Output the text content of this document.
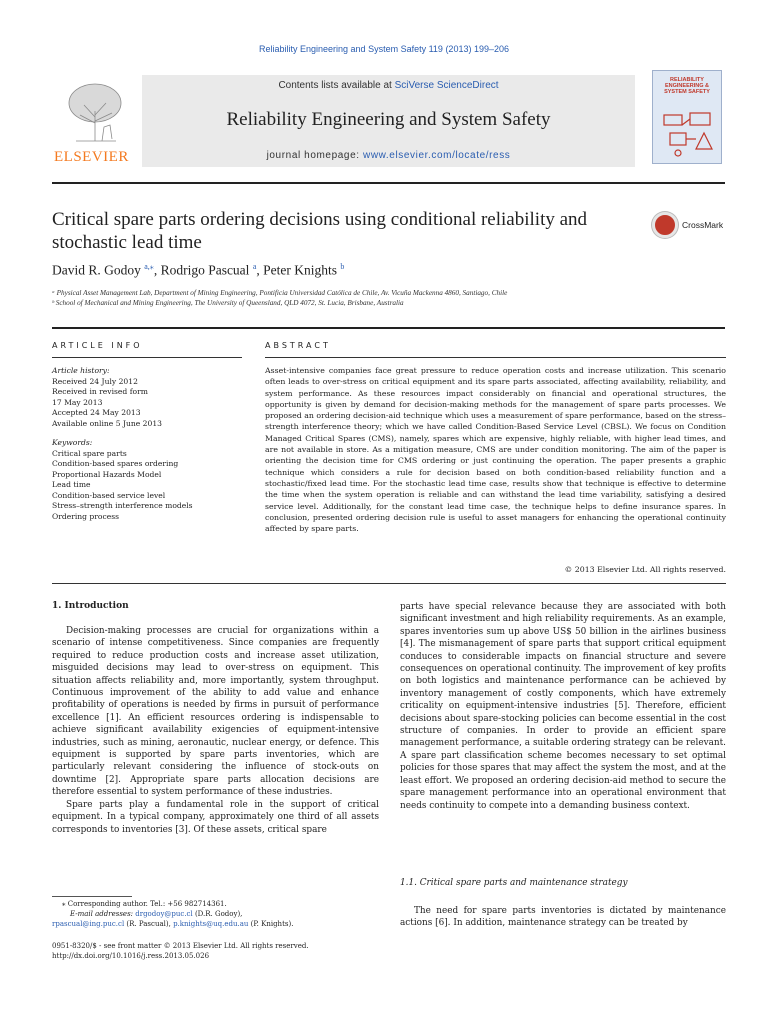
Reliability Engineering and System Safety 119 (2013) 199–206
ELSEVIER
Contents lists available at SciVerse ScienceDirect
Reliability Engineering and System Safety
journal homepage: www.elsevier.com/locate/ress
RELIABILITY ENGINEERING & SYSTEM SAFETY
Critical spare parts ordering decisions using conditional reliability and stochastic lead time
CrossMark
David R. Godoy $^{a,⁎}$, Rodrigo Pascual $^a$, Peter Knights $^b$
ᵃ Physical Asset Management Lab, Department of Mining Engineering, Pontificia Universidad Católica de Chile, Av. Vicuña Mackenna 4860, Santiago, Chile
ᵇ School of Mechanical and Mining Engineering, The University of Queensland, QLD 4072, St. Lucia, Brisbane, Australia
ARTICLE INFO	ABSTRACT
Article history:
Received 24 July 2012
Received in revised form
17 May 2013
Accepted 24 May 2013
Available online 5 June 2013
Keywords:
Critical spare parts
Condition-based spares ordering
Proportional Hazards Model
Lead time
Condition-based service level
Stress–strength interference models
Ordering process
Asset-intensive companies face great pressure to reduce operation costs and increase utilization. This scenario often leads to over-stress on critical equipment and its spare parts associated, affecting availability, reliability, and system performance. As these resources impact considerably on financial and operational structures, the opportunity is given by demand for decision-making methods for the management of spare parts processes. We proposed an ordering decision-aid technique which uses a measurement of spare performance, based on the stress–strength interference theory; which we have called Condition-Based Service Level (CBSL). We focus on Condition Managed Critical Spares (CMS), namely, spares which are expensive, highly reliable, with higher lead times, and are not available in store. As a mitigation measure, CMS are under condition monitoring. The aim of the paper is orienting the decision time for CMS ordering or just continuing the operation. The paper presents a graphic technique which considers a rule for decision based on both condition-based reliability function and a stochastic/fixed lead time. For the stochastic lead time case, results show that technique is effective to determine the time when the system operation is reliable and can withstand the lead time variability, satisfying a desired service level. Additionally, for the constant lead time case, the technique helps to define insurance spares. In conclusion, presented ordering decision rule is useful to asset managers for enhancing the operational continuity affected by spare parts.
© 2013 Elsevier Ltd. All rights reserved.
1. Introduction

Decision-making processes are crucial for organizations within a scenario of intense competitiveness. Since companies are frequently required to reduce production costs and increase asset utilization, misguided decisions may lead to over-stress on equipment. This situation affects reliability and, more importantly, system throughput. Continuous improvement of the ability to add value and enhance profitability of operations is needed by firms in pursuit of performance excellence [1]. An efficient resources ordering is indispensable to achieve significant availability exigencies of equipment-intensive industries, such as mining, aeronautic, nuclear energy, or defence. This equipment is supported by spare parts inventories, which are particularly relevant considering the influence of stock-outs on downtime [2]. Appropriate spare parts allocation decisions are therefore essential to system performance of these industries.

Spare parts play a fundamental role in the support of critical equipment. In a typical company, approximately one third of all assets corresponds to inventories [3]. Of these assets, critical spare

parts have special relevance because they are associated with both significant investment and high reliability requirements. As an example, spares inventories sum up above US$ 50 billion in the airlines business [4]. The mismanagement of spare parts that support critical equipment conduces to considerable impacts on financial structure and severe consequences on operational continuity. The improvement of key profits on both logistics and maintenance performance can be achieved by inventory management of costly components, which have extremely criticality on equipment-intensive industries [5]. Therefore, efficient decisions about spare-stocking policies can become essential in the cost structure of companies. In order to provide an efficient spare management performance, a suitable ordering strategy can be relevant. A spare part classification scheme becomes necessary to set optimal policies for those spares that may affect the system the most, and at the least effort. We proposed an ordering decision-aid method to secure the spare management performance into an operational environment that needs continuity to compete into a demanding business context.

1.1. Critical spare parts and maintenance strategy

The need for spare parts inventories is dictated by maintenance actions [6]. In addition, maintenance strategy can be treated by

⁎ Corresponding author. Tel.: +56 982714361.
E-mail addresses: drgodoy@puc.cl (D.R. Godoy),
rpascual@ing.puc.cl (R. Pascual), p.knights@uq.edu.au (P. Knights).
0951-8320/$ - see front matter © 2013 Elsevier Ltd. All rights reserved.
http://dx.doi.org/10.1016/j.ress.2013.05.026
